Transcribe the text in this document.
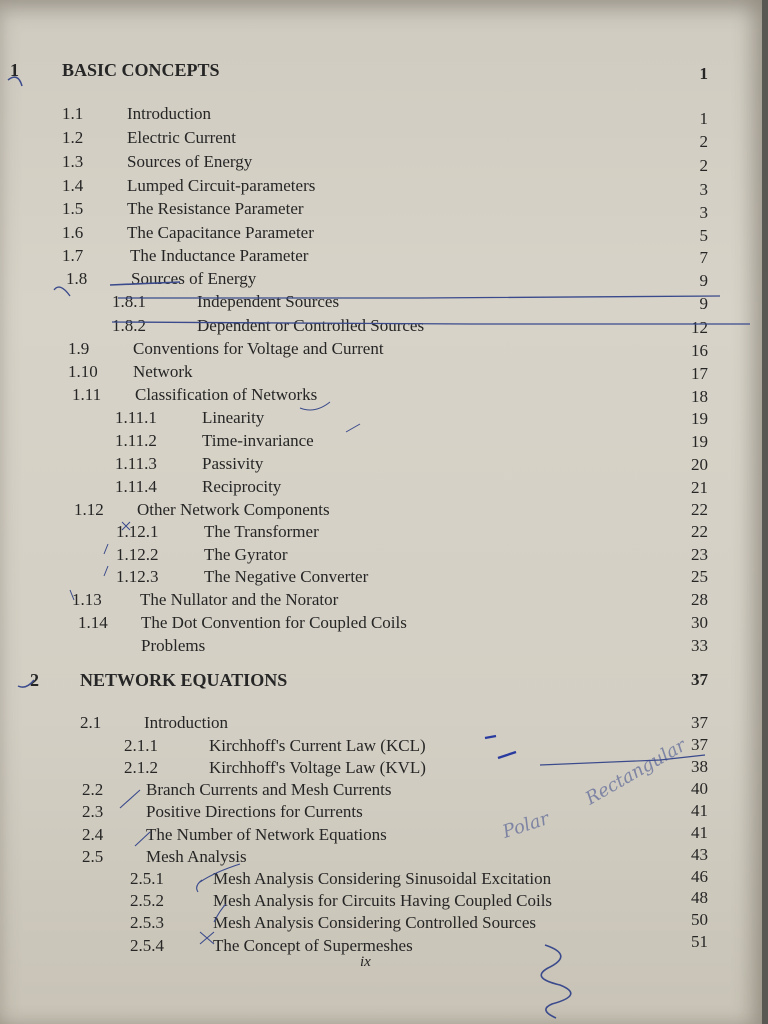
1 BASIC CONCEPTS	1
1.1	Introduction	1
1.2	Electric Current	2
1.3	Sources of Energy	2
1.4	Lumped Circuit-parameters	3
1.5	The Resistance Parameter	3
1.6	The Capacitance Parameter	5
1.7	The Inductance Parameter	7
1.8	Sources of Energy	9
1.8.1	Independent Sources	9
1.8.2	Dependent or Controlled Sources	12
1.9	Conventions for Voltage and Current	16
1.10 Network	17
1.11 Classification of Networks	18
1.11.1	Linearity	19
1.11.2	Time-invariance	19
1.11.3	Passivity	20
1.11.4	Reciprocity	21
1.12 Other Network Components	22
1.12.1	The Transformer	22
1.12.2	The Gyrator	23
1.12.3	The Negative Converter	25
1.13 The Nullator and the Norator	28
1.14 The Dot Convention for Coupled Coils	30
Problems	33
2 NETWORK EQUATIONS	37
2.1	Introduction	37
2.1.1	Kirchhoff's Current Law (KCL)	37
2.1.2	Kirchhoff's Voltage Law (KVL)	38
2.2	Branch Currents and Mesh Currents	40
2.3	Positive Directions for Currents	41
2.4	The Number of Network Equations	41
2.5	Mesh Analysis	43
2.5.1	Mesh Analysis Considering Sinusoidal Excitation	46
2.5.2	Mesh Analysis for Circuits Having Coupled Coils	48
2.5.3	Mesh Analysis Considering Controlled Sources	50
2.5.4	The Concept of Supermeshes	51
ix
Polar
Rectangular
